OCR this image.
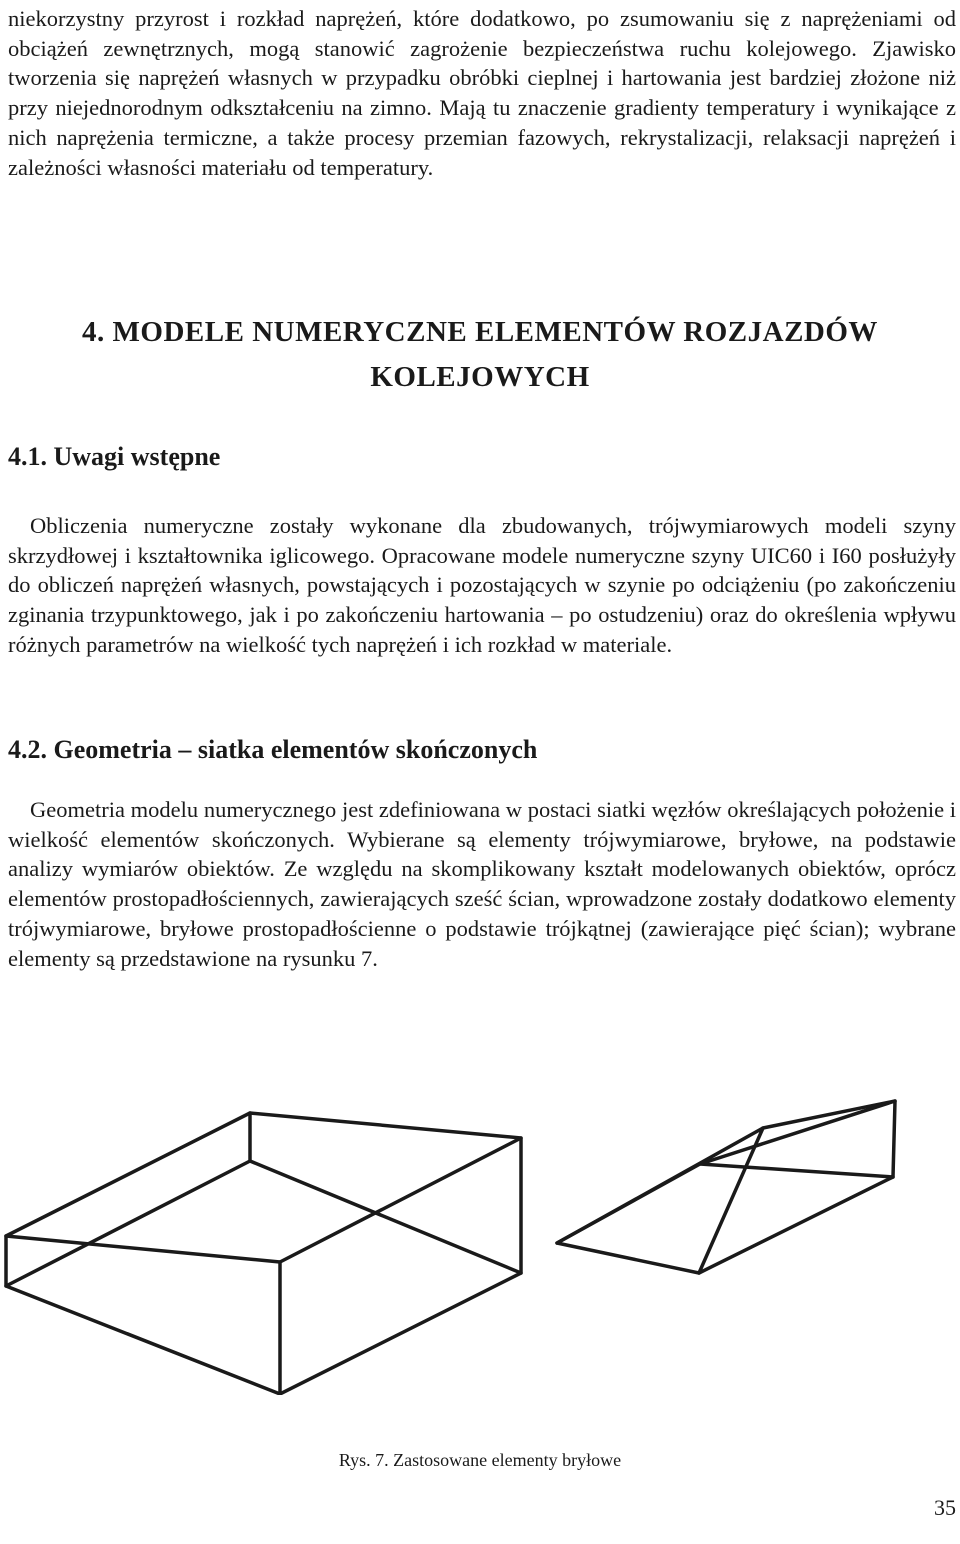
niekorzystny przyrost i rozkład naprężeń, które dodatkowo, po zsumowaniu się z naprężeniami od obciążeń zewnętrznych, mogą stanowić zagrożenie bezpieczeństwa ruchu kolejowego. Zjawisko tworzenia się naprężeń własnych w przypadku obróbki cieplnej i hartowania jest bardziej złożone niż przy niejednorodnym odkształceniu na zimno. Mają tu znaczenie gradienty temperatury i wynikające z nich naprężenia termiczne, a także procesy przemian fazowych, rekrystalizacji, relaksacji naprężeń i zależności własności materiału od temperatury.

4. MODELE NUMERYCZNE ELEMENTÓW ROZJAZDÓW
KOLEJOWYCH
4.1. Uwagi wstępne

Obliczenia numeryczne zostały wykonane dla zbudowanych, trójwymiarowych modeli szyny skrzydłowej i kształtownika iglicowego. Opracowane modele numeryczne szyny UIC60 i I60 posłużyły do obliczeń naprężeń własnych, powstających i pozostających w szynie po odciążeniu (po zakończeniu zginania trzypunktowego, jak i po zakończeniu hartowania – po ostudzeniu) oraz do określenia wpływu różnych parametrów na wielkość tych naprężeń i ich rozkład w materiale.

4.2. Geometria – siatka elementów skończonych

Geometria modelu numerycznego jest zdefiniowana w postaci siatki węzłów określających położenie i wielkość elementów skończonych. Wybierane są elementy trójwymiarowe, bryłowe, na podstawie analizy wymiarów obiektów. Ze względu na skomplikowany kształt modelowanych obiektów, oprócz elementów prostopadłościennych, zawierających sześć ścian, wprowadzone zostały dodatkowo elementy trójwymiarowe, bryłowe prostopadłościenne o podstawie trójkątnej (zawierające pięć ścian); wybrane elementy są przedstawione na rysunku 7.

Rys. 7. Zastosowane elementy bryłowe
35
